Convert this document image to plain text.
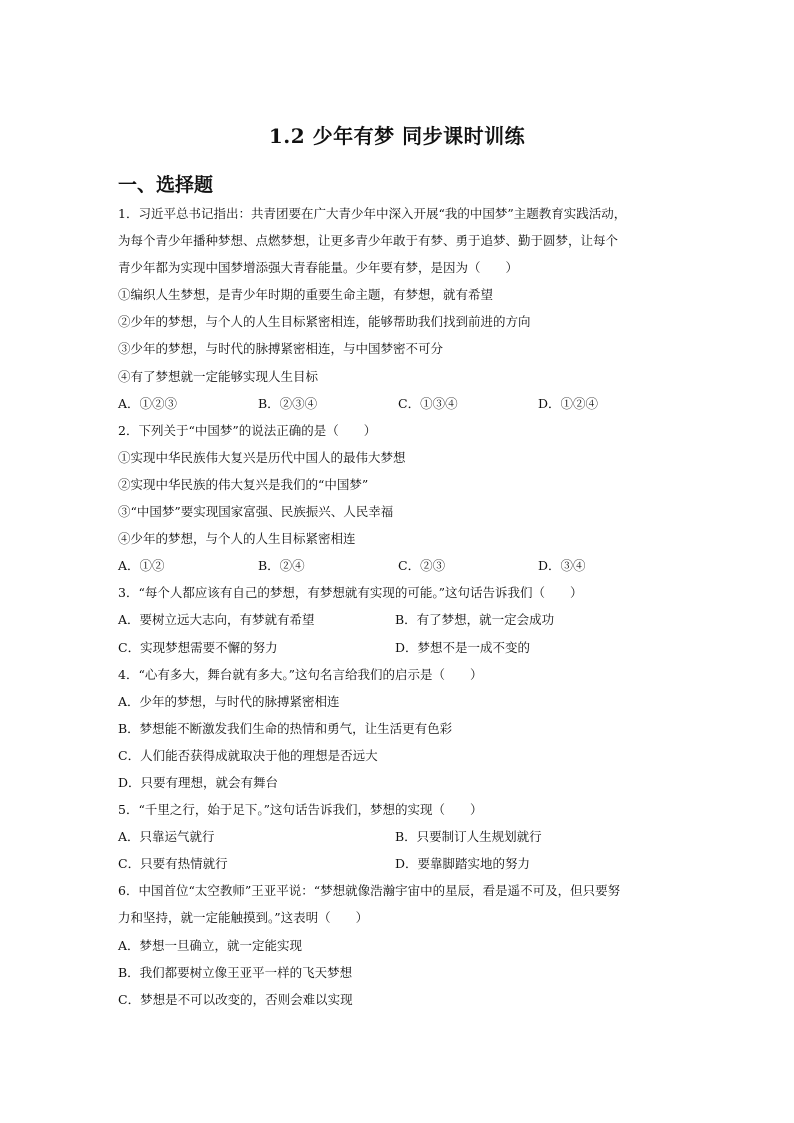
1.2 少年有梦 同步课时训练
一、选择题
1．习近平总书记指出：共青团要在广大青少年中深入开展“我的中国梦”主题教育实践活动，
为每个青少年播种梦想、点燃梦想，让更多青少年敢于有梦、勇于追梦、勤于圆梦，让每个
青少年都为实现中国梦增添强大青春能量。少年要有梦，是因为（　　）
①编织人生梦想，是青少年时期的重要生命主题，有梦想，就有希望
②少年的梦想，与个人的人生目标紧密相连，能够帮助我们找到前进的方向
③少年的梦想，与时代的脉搏紧密相连，与中国梦密不可分
④有了梦想就一定能够实现人生目标
A．①②③	B．②③④	C．①③④	D．①②④
2．下列关于“中国梦”的说法正确的是（　　）
①实现中华民族伟大复兴是历代中国人的最伟大梦想
②实现中华民族的伟大复兴是我们的“中国梦”
③“中国梦”要实现国家富强、民族振兴、人民幸福
④少年的梦想，与个人的人生目标紧密相连
A．①②	B．②④	C．②③	D．③④
3．“每个人都应该有自己的梦想，有梦想就有实现的可能。”这句话告诉我们（　　）
A．要树立远大志向，有梦就有希望	B．有了梦想，就一定会成功
C．实现梦想需要不懈的努力	D．梦想不是一成不变的
4．“心有多大，舞台就有多大。”这句名言给我们的启示是（　　）
A．少年的梦想，与时代的脉搏紧密相连
B．梦想能不断激发我们生命的热情和勇气，让生活更有色彩
C．人们能否获得成就取决于他的理想是否远大
D．只要有理想，就会有舞台
5．“千里之行，始于足下。”这句话告诉我们，梦想的实现（　　）
A．只靠运气就行	B．只要制订人生规划就行
C．只要有热情就行	D．要靠脚踏实地的努力
6．中国首位“太空教师”王亚平说：“梦想就像浩瀚宇宙中的星辰，看是遥不可及，但只要努
力和坚持，就一定能触摸到。”这表明（　　）
A．梦想一旦确立，就一定能实现
B．我们都要树立像王亚平一样的飞天梦想
C．梦想是不可以改变的，否则会难以实现
